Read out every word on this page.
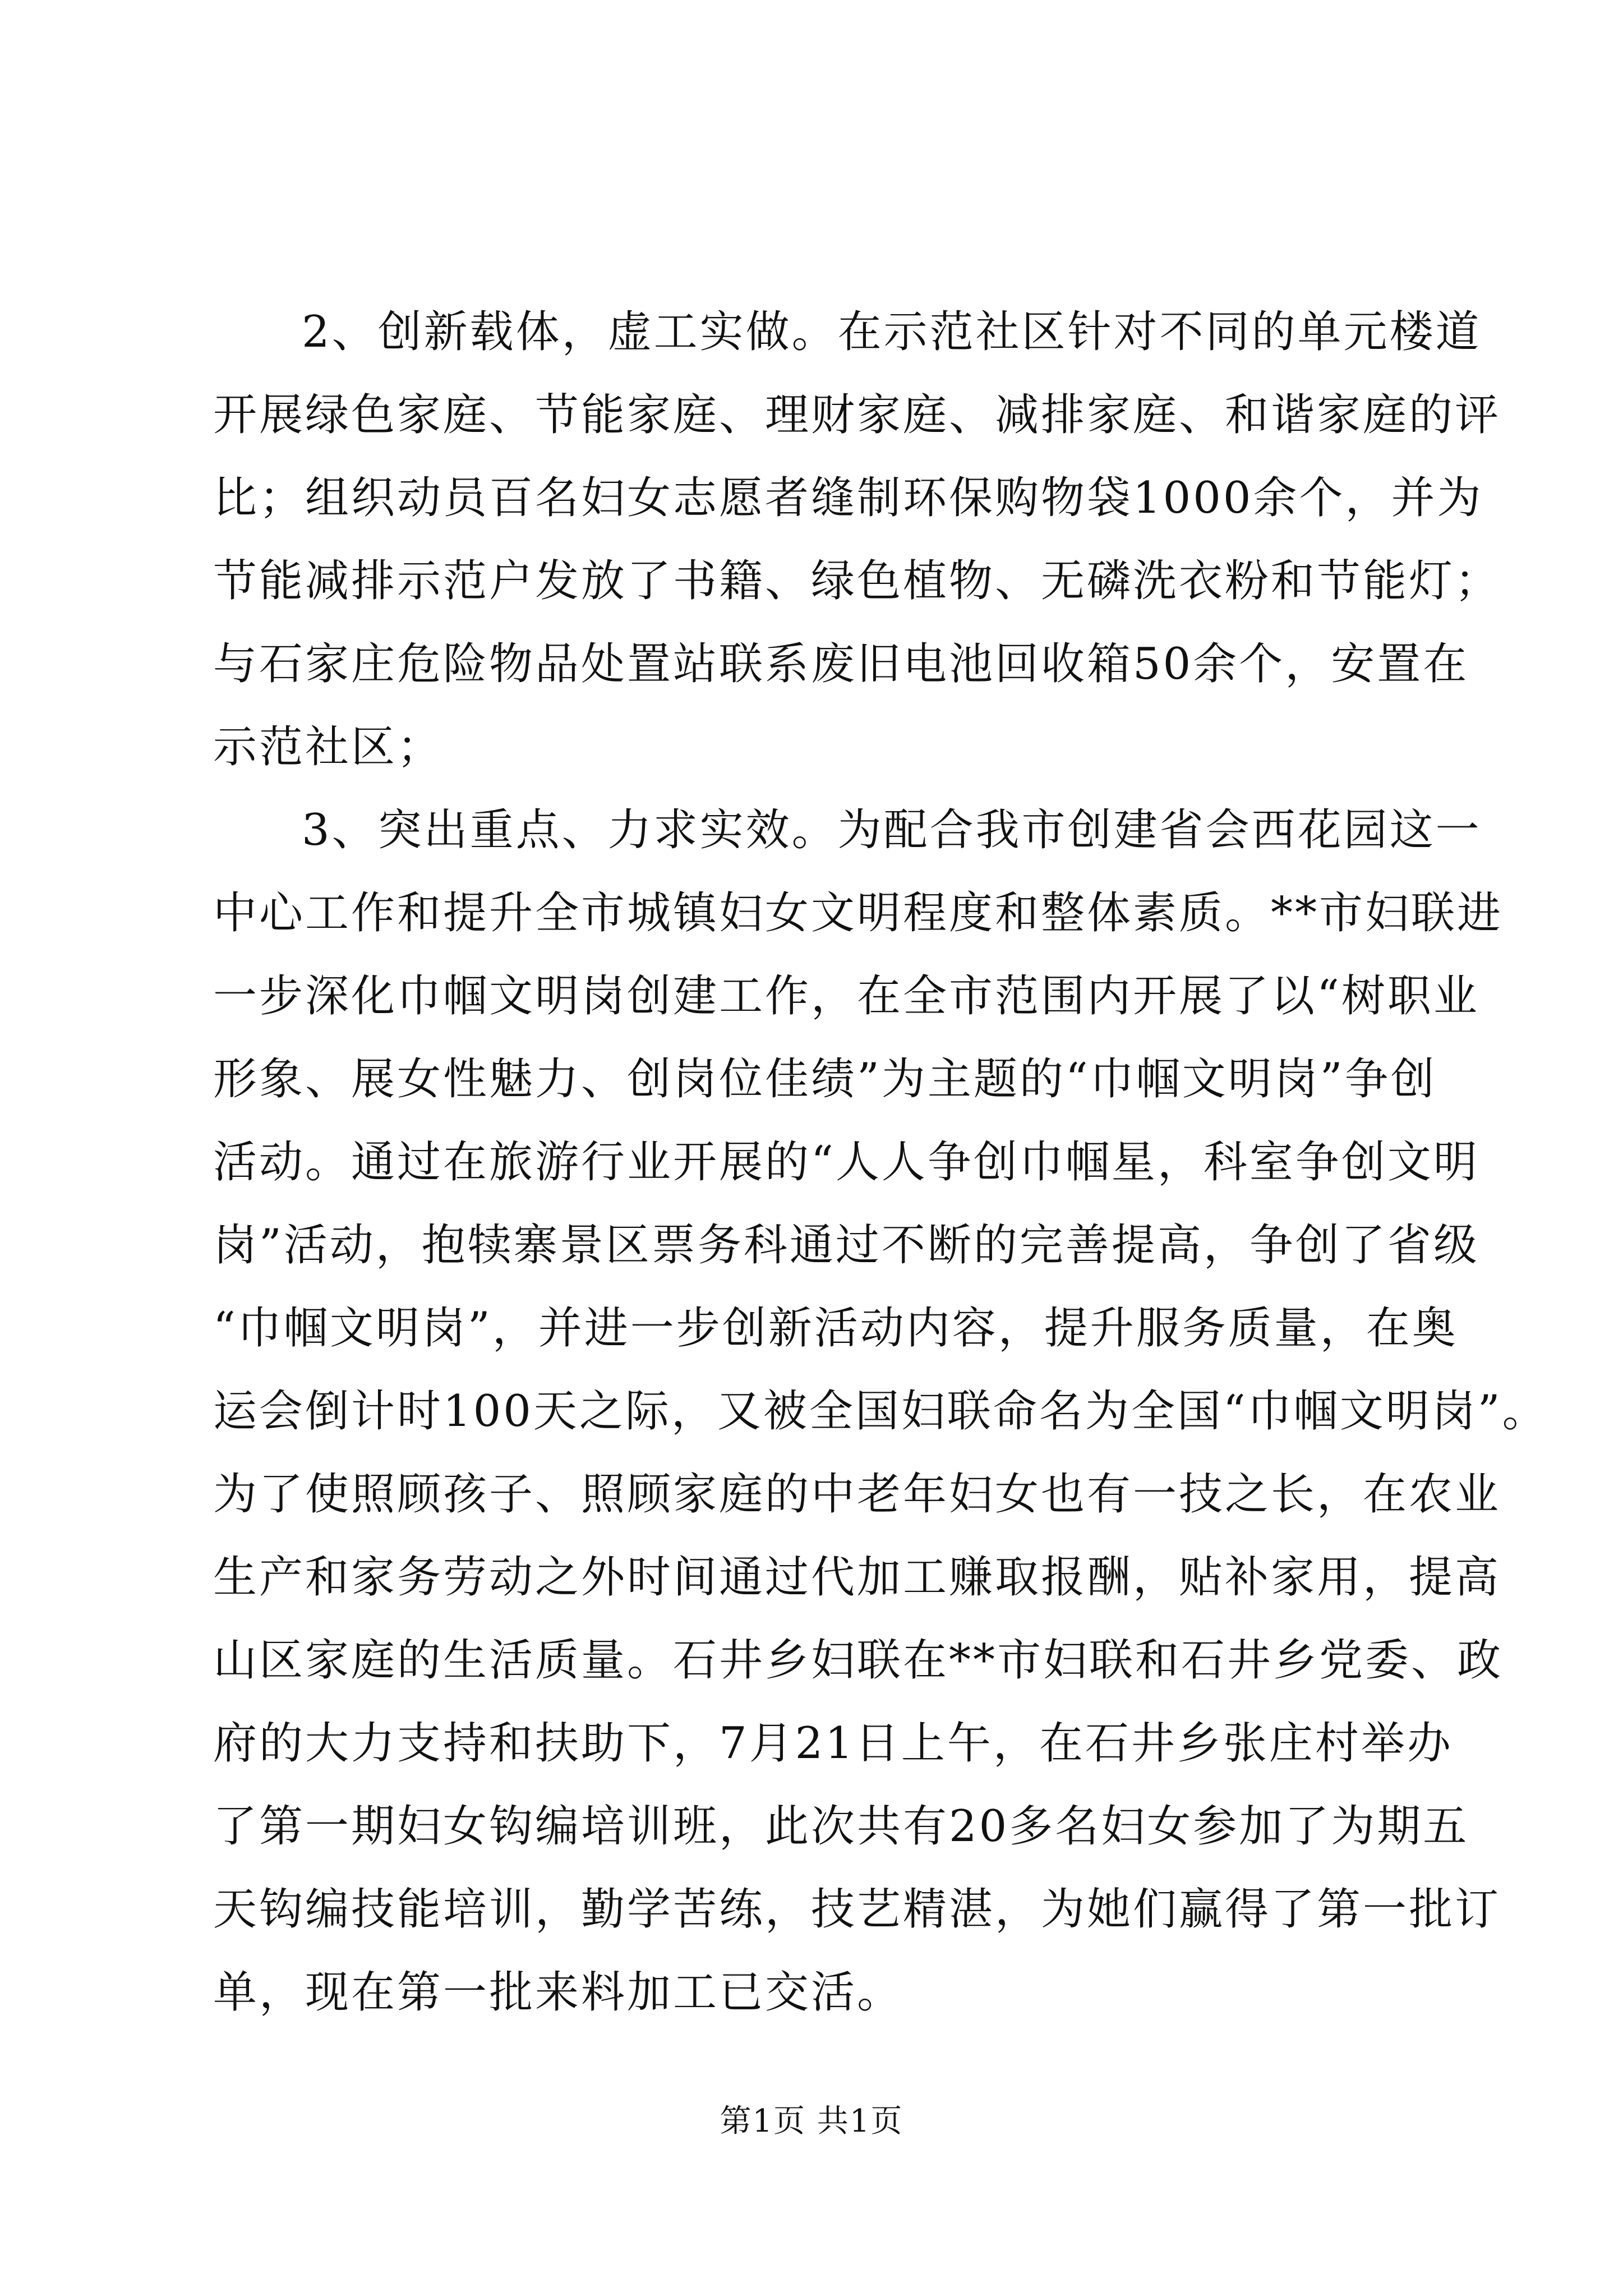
2、创新载体，虚工实做。在示范社区针对不同的单元楼道
开展绿色家庭、节能家庭、理财家庭、减排家庭、和谐家庭的评
比；组织动员百名妇女志愿者缝制环保购物袋1000余个，并为
节能减排示范户发放了书籍、绿色植物、无磷洗衣粉和节能灯；
与石家庄危险物品处置站联系废旧电池回收箱50余个，安置在
示范社区；
3、突出重点、力求实效。为配合我市创建省会西花园这一
中心工作和提升全市城镇妇女文明程度和整体素质。**市妇联进
一步深化巾帼文明岗创建工作，在全市范围内开展了以“树职业
形象、展女性魅力、创岗位佳绩”为主题的“巾帼文明岗”争创
活动。通过在旅游行业开展的“人人争创巾帼星，科室争创文明
岗”活动，抱犊寨景区票务科通过不断的完善提高，争创了省级
“巾帼文明岗”，并进一步创新活动内容，提升服务质量，在奥
运会倒计时100天之际，又被全国妇联命名为全国“巾帼文明岗”。
为了使照顾孩子、照顾家庭的中老年妇女也有一技之长，在农业
生产和家务劳动之外时间通过代加工赚取报酬，贴补家用，提高
山区家庭的生活质量。石井乡妇联在**市妇联和石井乡党委、政
府的大力支持和扶助下，7月21日上午，在石井乡张庄村举办
了第一期妇女钩编培训班，此次共有20多名妇女参加了为期五
天钩编技能培训，勤学苦练，技艺精湛，为她们赢得了第一批订
单，现在第一批来料加工已交活。
第1页 共1页
